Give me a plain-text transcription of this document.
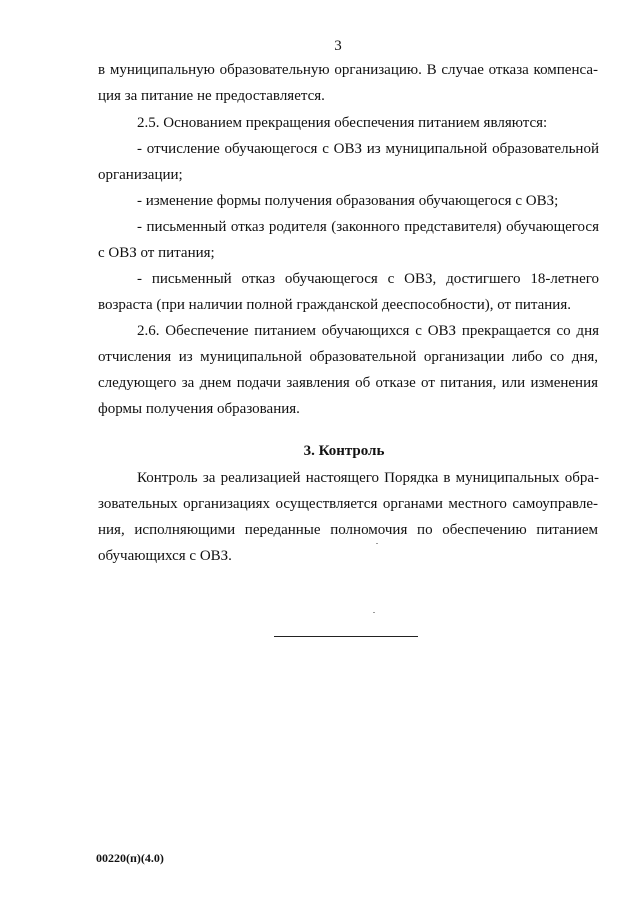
3
в муниципальную образовательную организацию. В случае отказа компенса-
ция за питание не предоставляется.
2.5. Основанием прекращения обеспечения питанием являются:
- отчисление обучающегося с ОВЗ из муниципальной образовательной
организации;
- изменение формы получения образования обучающегося с ОВЗ;
- письменный отказ родителя (законного представителя) обучающегося
с ОВЗ от питания;
- письменный отказ обучающегося с ОВЗ, достигшего 18-летнего
возраста (при наличии полной гражданской дееспособности), от питания.
2.6. Обеспечение питанием обучающихся с ОВЗ прекращается со дня
отчисления из муниципальной образовательной организации либо со дня,
следующего за днем подачи заявления об отказе от питания, или изменения
формы получения образования.
3. Контроль
Контроль за реализацией настоящего Порядка в муниципальных обра-
зовательных организациях осуществляется органами местного самоуправле-
ния, исполняющими переданные полномочия по обеспечению питанием
обучающихся с ОВЗ.
00220(п)(4.0)
